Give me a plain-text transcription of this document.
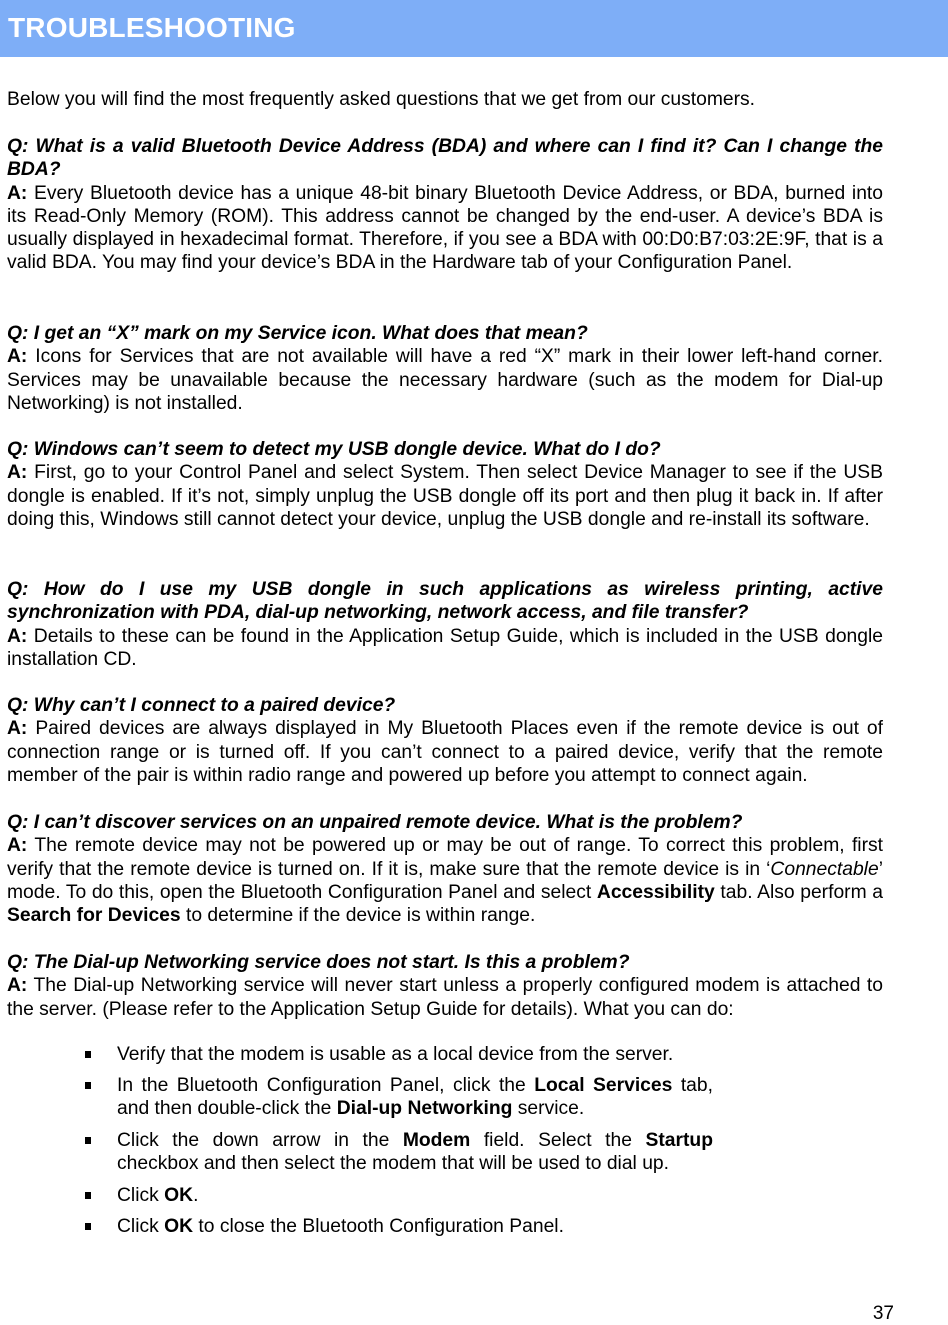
TROUBLESHOOTING
Below you will find the most frequently asked questions that we get from our customers.
Q: What is a valid Bluetooth Device Address (BDA) and where can I find it? Can I change the BDA?
A: Every Bluetooth device has a unique 48-bit binary Bluetooth Device Address, or BDA, burned into its Read-Only Memory (ROM). This address cannot be changed by the end-user. A device’s BDA is usually displayed in hexadecimal format. Therefore, if you see a BDA with 00:D0:B7:03:2E:9F, that is a valid BDA. You may find your device’s BDA in the Hardware tab of your Configuration Panel.
Q: I get an “X” mark on my Service icon. What does that mean?
A: Icons for Services that are not available will have a red “X” mark in their lower left-hand corner. Services may be unavailable because the necessary hardware (such as the modem for Dial-up Networking) is not installed.
Q: Windows can’t seem to detect my USB dongle device. What do I do?
A: First, go to your Control Panel and select System. Then select Device Manager to see if the USB dongle is enabled. If it’s not, simply unplug the USB dongle off its port and then plug it back in. If after doing this, Windows still cannot detect your device, unplug the USB dongle and re-install its software.
Q: How do I use my USB dongle in such applications as wireless printing, active synchronization with PDA, dial-up networking, network access, and file transfer?
A: Details to these can be found in the Application Setup Guide, which is included in the USB dongle installation CD.
Q: Why can’t I connect to a paired device?
A: Paired devices are always displayed in My Bluetooth Places even if the remote device is out of connection range or is turned off. If you can’t connect to a paired device, verify that the remote member of the pair is within radio range and powered up before you attempt to connect again.
Q: I can’t discover services on an unpaired remote device. What is the problem?
A: The remote device may not be powered up or may be out of range. To correct this problem, first verify that the remote device is turned on. If it is, make sure that the remote device is in ‘Connectable’ mode. To do this, open the Bluetooth Configuration Panel and select Accessibility tab. Also perform a Search for Devices to determine if the device is within range.
Q: The Dial-up Networking service does not start. Is this a problem?
A: The Dial-up Networking service will never start unless a properly configured modem is attached to the server. (Please refer to the Application Setup Guide for details). What you can do:
Verify that the modem is usable as a local device from the server.
In the Bluetooth Configuration Panel, click the Local Services tab, and then double-click the Dial-up Networking service.
Click the down arrow in the Modem field. Select the Startup checkbox and then select the modem that will be used to dial up.
Click OK.
Click OK to close the Bluetooth Configuration Panel.
37
